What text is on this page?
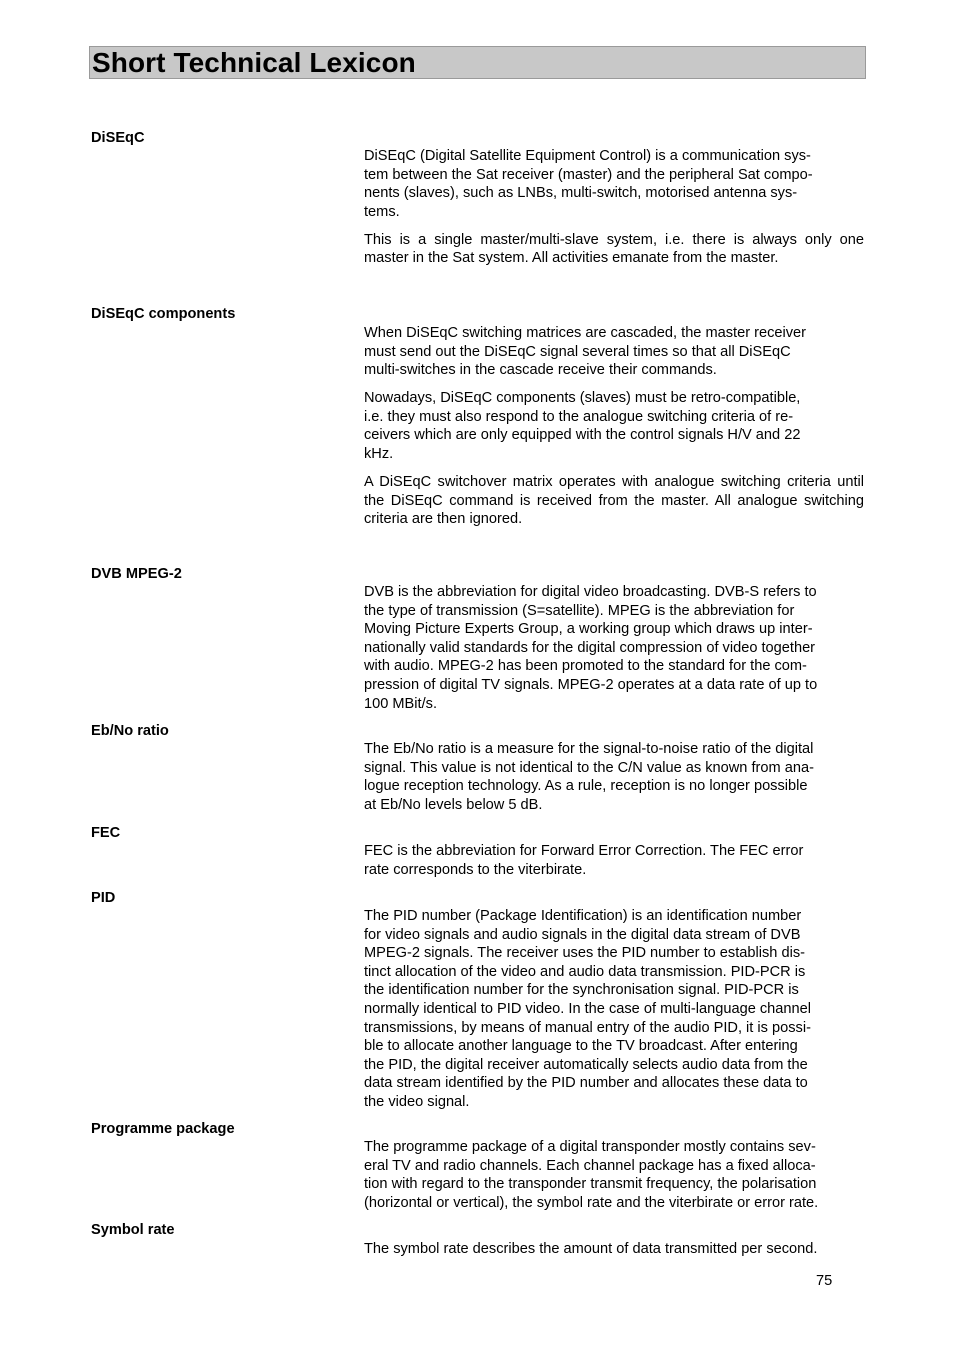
Short Technical Lexicon
DiSEqC

DiSEqC (Digital Satellite Equipment Control) is a communication sys-
tem between the Sat receiver (master) and the peripheral Sat compo-
nents (slaves), such as LNBs, multi-switch, motorised antenna sys-
tems.

This is a single master/multi-slave system, i.e. there is always only one master in the Sat system. All activities emanate from the master.

DiSEqC components

When DiSEqC switching matrices are cascaded, the master receiver
must send out the DiSEqC signal several times so that all DiSEqC
multi-switches in the cascade receive their commands.

Nowadays, DiSEqC components (slaves) must be retro-compatible,
i.e. they must also respond to the analogue switching criteria of re-
ceivers which are only equipped with the control signals H/V and 22
kHz.

A DiSEqC switchover matrix operates with analogue switching criteria until the DiSEqC command is received from the master. All analogue switching criteria are then ignored.

DVB MPEG-2

DVB is the abbreviation for digital video broadcasting. DVB-S refers to
the type of transmission (S=satellite). MPEG is the abbreviation for
Moving Picture Experts Group, a working group which draws up inter-
nationally valid standards for the digital compression of video together
with audio. MPEG-2 has been promoted to the standard for the com-
pression of digital TV signals. MPEG-2 operates at a data rate of up to
100 MBit/s.

Eb/No ratio

The Eb/No ratio is a measure for the signal-to-noise ratio of the digital
signal. This value is not identical to the C/N value as known from ana-
logue reception technology. As a rule, reception is no longer possible
at Eb/No levels below 5 dB.

FEC

FEC is the abbreviation for Forward Error Correction. The FEC error
rate corresponds to the viterbirate.

PID

The PID number (Package Identification) is an identification number
for video signals and audio signals in the digital data stream of DVB
MPEG-2 signals. The receiver uses the PID number to establish dis-
tinct allocation of the video and audio data transmission. PID-PCR is
the identification number for the synchronisation signal. PID-PCR is
normally identical to PID video. In the case of multi-language channel
transmissions, by means of manual entry of the audio PID, it is possi-
ble to allocate another language to the TV broadcast. After entering
the PID, the digital receiver automatically selects audio data from the
data stream identified by the PID number and allocates these data to
the video signal.

Programme package

The programme package of a digital transponder mostly contains sev-
eral TV and radio channels. Each channel package has a fixed alloca-
tion with regard to the transponder transmit frequency, the polarisation
(horizontal or vertical), the symbol rate and the viterbirate or error rate.

Symbol rate

The symbol rate describes the amount of data transmitted per second.

75
